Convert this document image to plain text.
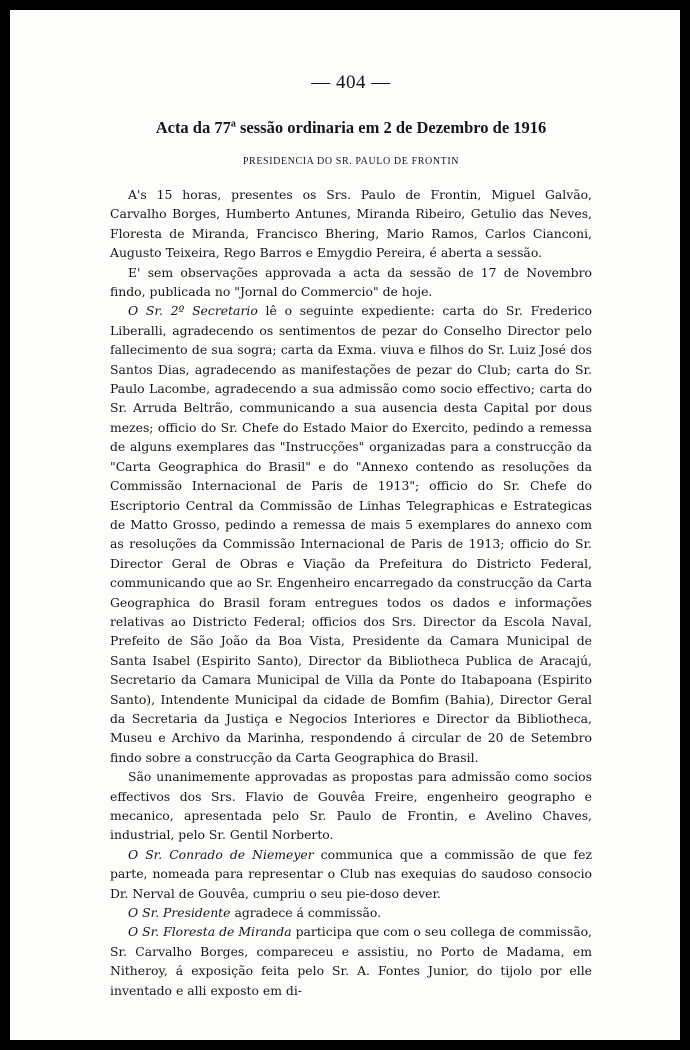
— 404 —
Acta da 77$^a$ sessão ordinaria em 2 de Dezembro de 1916
PRESIDENCIA DO SR. PAULO DE FRONTIN

A's 15 horas, presentes os Srs. Paulo de Frontin, Miguel Galvão, Carvalho Borges, Humberto Antunes, Miranda Ribeiro, Getulio das Neves, Floresta de Miranda, Francisco Bhering, Mario Ramos, Carlos Cianconi, Augusto Teixeira, Rego Barros e Emygdio Pereira, é aberta a sessão.

E' sem observações approvada a acta da sessão de 17 de Novembro findo, publicada no "Jornal do Commercio" de hoje.

O Sr. 2º Secretario lê o seguinte expediente: carta do Sr. Frederico Liberalli, agradecendo os sentimentos de pezar do Conselho Director pelo fallecimento de sua sogra; carta da Exma. viuva e filhos do Sr. Luiz José dos Santos Dias, agradecendo as manifestações de pezar do Club; carta do Sr. Paulo Lacombe, agradecendo a sua admissão como socio effectivo; carta do Sr. Arruda Beltrão, communicando a sua ausencia desta Capital por dous mezes; officio do Sr. Chefe do Estado Maior do Exercito, pedindo a remessa de alguns exemplares das "Instrucções" organizadas para a construcção da "Carta Geographica do Brasil" e do "Annexo contendo as resoluções da Commissão Internacional de Paris de 1913"; officio do Sr. Chefe do Escriptorio Central da Commissão de Linhas Telegraphicas e Estrategicas de Matto Grosso, pedindo a remessa de mais 5 exemplares do annexo com as resoluções da Commissão Internacional de Paris de 1913; officio do Sr. Director Geral de Obras e Viação da Prefeitura do Districto Federal, communicando que ao Sr. Engenheiro encarregado da construcção da Carta Geographica do Brasil foram entregues todos os dados e informações relativas ao Districto Federal; officios dos Srs. Director da Escola Naval, Prefeito de São João da Boa Vista, Presidente da Camara Municipal de Santa Isabel (Espirito Santo), Director da Bibliotheca Publica de Aracajú, Secretario da Camara Municipal de Villa da Ponte do Itabapoana (Espirito Santo), Intendente Municipal da cidade de Bomfim (Bahia), Director Geral da Secretaria da Justiça e Negocios Interiores e Director da Bibliotheca, Museu e Archivo da Marinha, respondendo á circular de 20 de Setembro findo sobre a construcção da Carta Geographica do Brasil.

São unanimemente approvadas as propostas para admissão como socios effectivos dos Srs. Flavio de Gouvêa Freire, engenheiro geographo e mecanico, apresentada pelo Sr. Paulo de Frontin, e Avelino Chaves, industrial, pelo Sr. Gentil Norberto.

O Sr. Conrado de Niemeyer communica que a commissão de que fez parte, nomeada para representar o Club nas exequias do saudoso consocio Dr. Nerval de Gouvêa, cumpriu o seu pie-doso dever.

O Sr. Presidente agradece á commissão.

O Sr. Floresta de Miranda participa que com o seu collega de commissão, Sr. Carvalho Borges, compareceu e assistiu, no Porto de Madama, em Nitheroy, á exposição feita pelo Sr. A. Fontes Junior, do tijolo por elle inventado e alli exposto em di-
